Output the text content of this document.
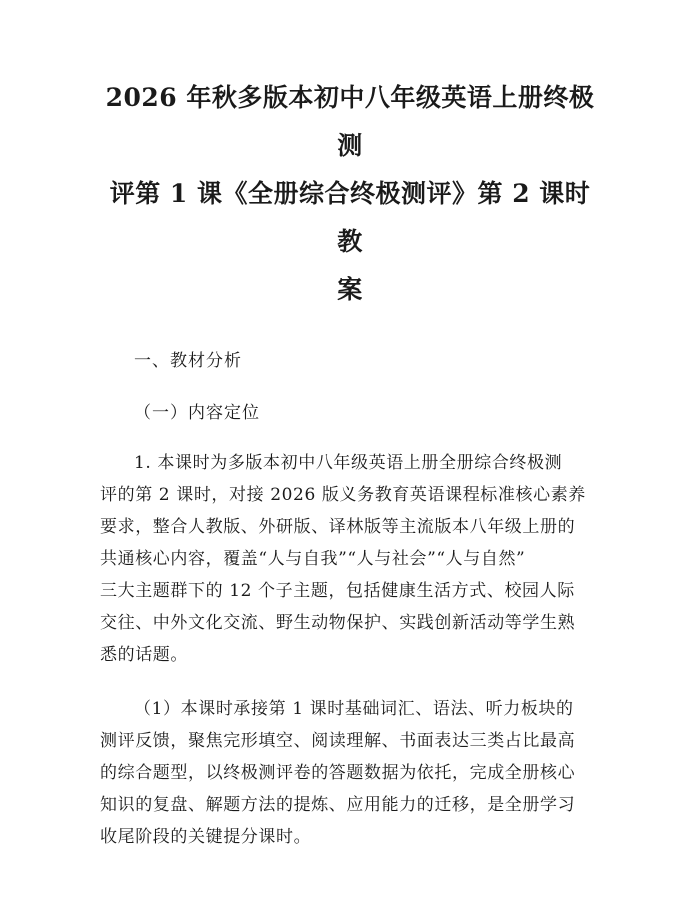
2026 年秋多版本初中八年级英语上册终极测
评第 1 课《全册综合终极测评》第 2 课时教
案

一、教材分析

（一）内容定位

1. 本课时为多版本初中八年级英语上册全册综合终极测
评的第 2 课时，对接 2026 版义务教育英语课程标准核心素养
要求，整合人教版、外研版、译林版等主流版本八年级上册的
共通核心内容，覆盖“人与自我”“人与社会”“人与自然”
三大主题群下的 12 个子主题，包括健康生活方式、校园人际
交往、中外文化交流、野生动物保护、实践创新活动等学生熟
悉的话题。

（1）本课时承接第 1 课时基础词汇、语法、听力板块的
测评反馈，聚焦完形填空、阅读理解、书面表达三类占比最高
的综合题型，以终极测评卷的答题数据为依托，完成全册核心
知识的复盘、解题方法的提炼、应用能力的迁移，是全册学习
收尾阶段的关键提分课时。
